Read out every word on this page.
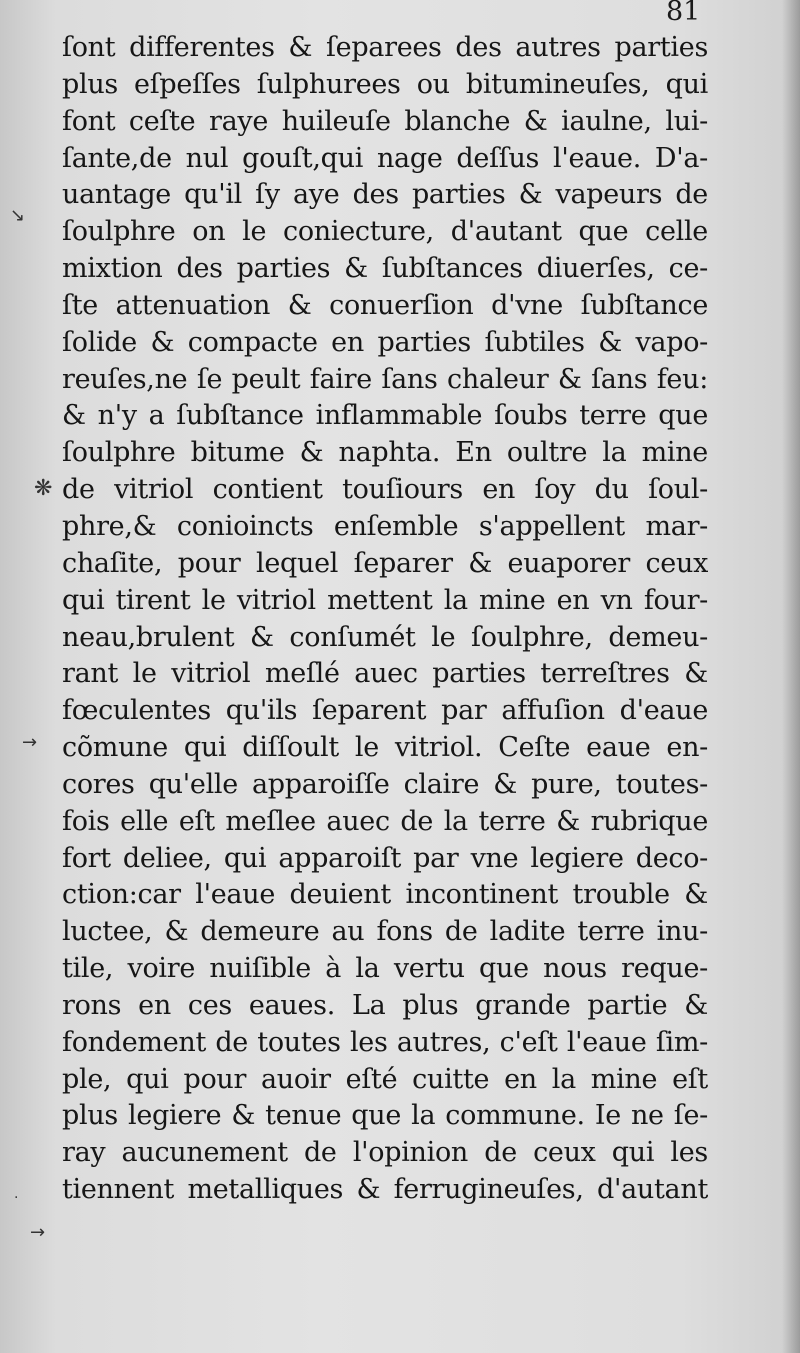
81
↘
❋
→
→
⋅
ſont differentes & ſeparees des autres parties
plus eſpeſſes ſulphurees ou bitumineuſes, qui
font ceſte raye huileuſe blanche & iaulne, lui-
ſante,de nul gouſt,qui nage deſſus l'eaue. D'a-
uantage qu'il ſy aye des parties & vapeurs de
ſoulphre on le coniecture, d'autant que celle
mixtion des parties & ſubſtances diuerſes, ce-
ſte attenuation & conuerſion d'vne ſubſtance
ſolide & compacte en parties ſubtiles & vapo-
reuſes,ne ſe peult faire ſans chaleur & ſans feu:
& n'y a ſubſtance inflammable ſoubs terre que
ſoulphre bitume & naphta. En oultre la mine
de vitriol contient touſiours en ſoy du ſoul-
phre,& conioincts enſemble s'appellent mar-
chaſite, pour lequel ſeparer & euaporer ceux
qui tirent le vitriol mettent la mine en vn four-
neau,brulent & conſumét le ſoulphre, demeu-
rant le vitriol meſlé auec parties terreſtres &
fœculentes qu'ils ſeparent par affuſion d'eaue
cõmune qui diſſoult le vitriol. Ceſte eaue en-
cores qu'elle apparoiſſe claire & pure, toutes-
fois elle eſt meſlee auec de la terre & rubrique
fort deliee, qui apparoiſt par vne legiere deco-
ction:car l'eaue deuient incontinent trouble &
luctee, & demeure au fons de ladite terre inu-
tile, voire nuiſible à la vertu que nous reque-
rons en ces eaues. La plus grande partie &
fondement de toutes les autres, c'eſt l'eaue ſim-
ple, qui pour auoir eſté cuitte en la mine eſt
plus legiere & tenue que la commune. Ie ne ſe-
ray aucunement de l'opinion de ceux qui les
tiennent metalliques & ferrugineuſes, d'autant
